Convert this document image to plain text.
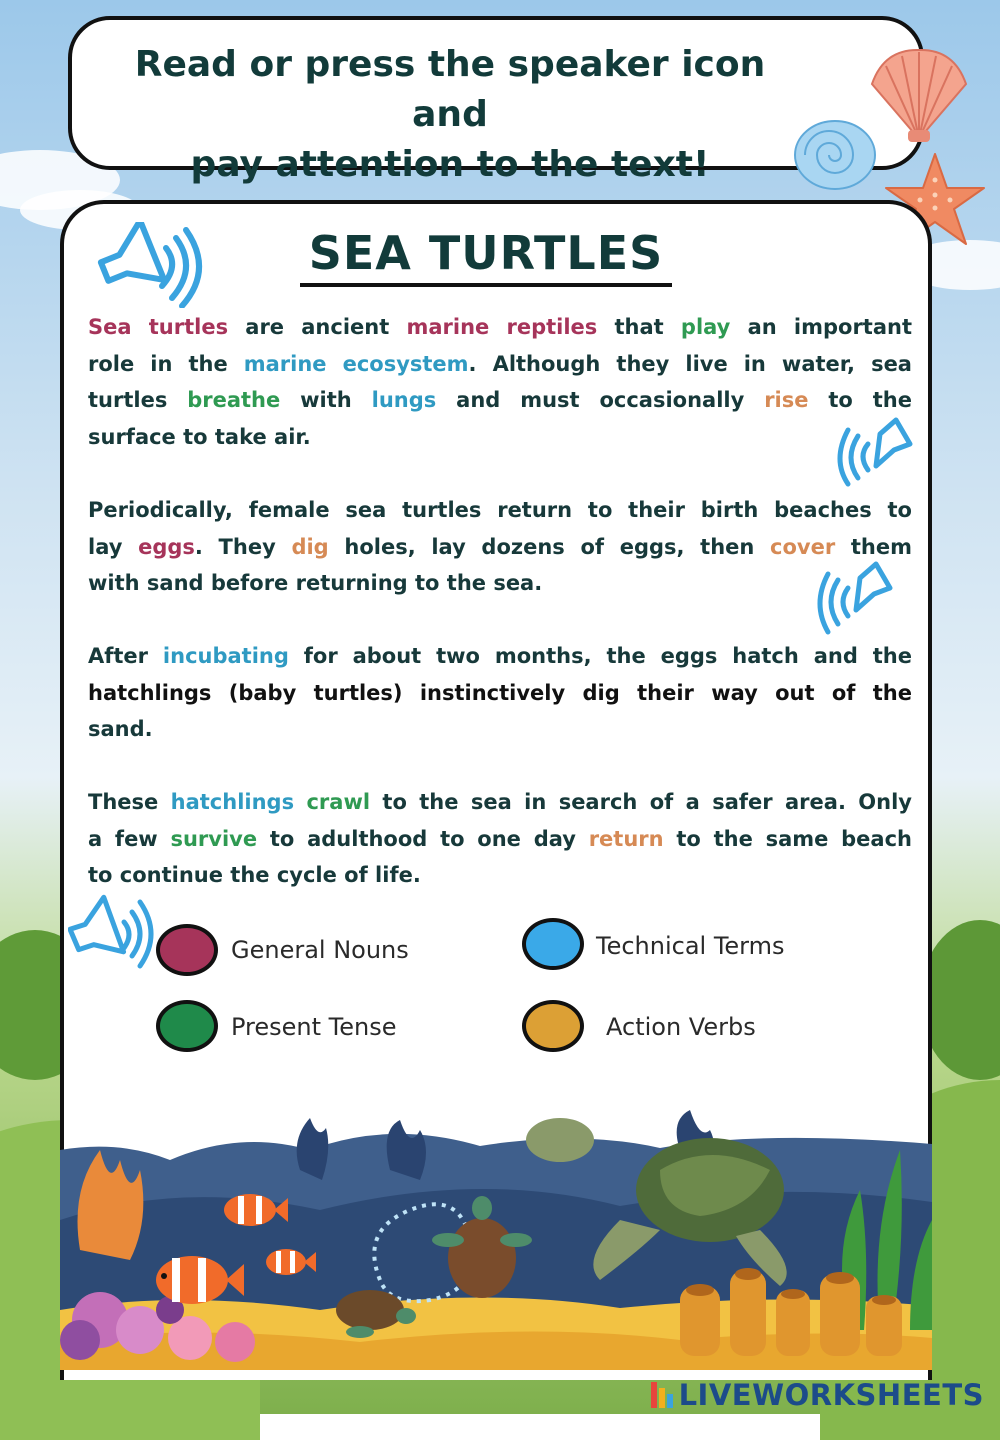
Read or press the speaker icon and
pay attention to the text!
SEA TURTLES
Sea turtles are ancient marine reptiles that play an important
role in the marine ecosystem. Although they live in water, sea
turtles breathe with lungs and must occasionally rise to the
surface to take air.
Periodically, female sea turtles return to their birth beaches to
lay eggs. They dig holes, lay dozens of eggs, then cover them
with sand before returning to the sea.
After incubating for about two months, the eggs hatch and the
hatchlings (baby turtles) instinctively dig their way out of the
sand.
These hatchlings crawl to the sea in search of a safer area. Only
a few survive to adulthood to one day return to the same beach
to continue the cycle of life.
General Nouns	Technical Terms
Present Tense	Action Verbs
LIVEWORKSHEETS
